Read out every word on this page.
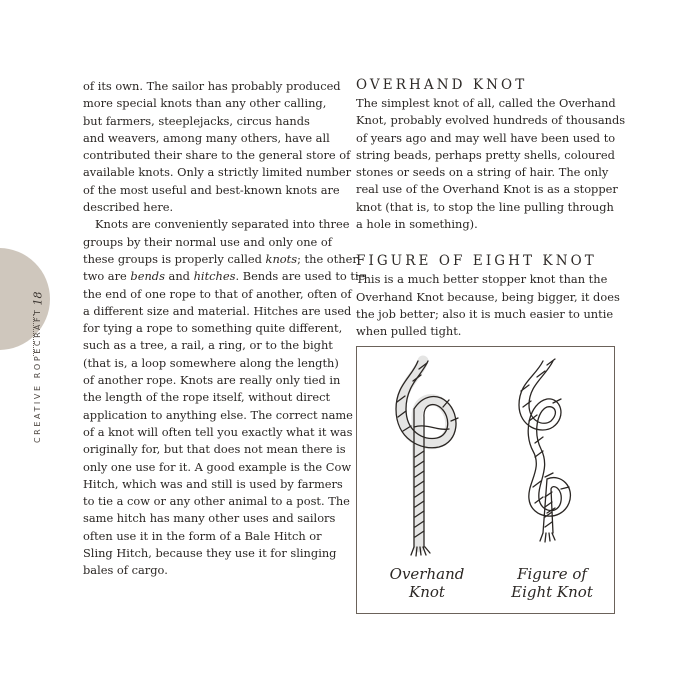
18
CREATIVE ROPECRAFT

of its own. The sailor has probably produced
more special knots than any other calling,
but farmers, steeplejacks, circus hands
and weavers, among many others, have all
contributed their share to the general store of
available knots. Only a strictly limited number
of the most useful and best-known knots are
described here.

Knots are conveniently separated into three
groups by their normal use and only one of
these groups is properly called knots; the other
two are bends and hitches. Bends are used to tie
the end of one rope to that of another, often of
a different size and material. Hitches are used
for tying a rope to something quite different,
such as a tree, a rail, a ring, or to the bight
(that is, a loop somewhere along the length)
of another rope. Knots are really only tied in
the length of the rope itself, without direct
application to anything else. The correct name
of a knot will often tell you exactly what it was
originally for, but that does not mean there is
only one use for it. A good example is the Cow
Hitch, which was and still is used by farmers
to tie a cow or any other animal to a post. The
same hitch has many other uses and sailors
often use it in the form of a Bale Hitch or
Sling Hitch, because they use it for slinging
bales of cargo.

OVERHAND KNOT
The simplest knot of all, called the Overhand
Knot, probably evolved hundreds of thousands
of years ago and may well have been used to
string beads, perhaps pretty shells, coloured
stones or seeds on a string of hair. The only
real use of the Overhand Knot is as a stopper
knot (that is, to stop the line pulling through
a hole in something).
FIGURE OF EIGHT KNOT
This is a much better stopper knot than the
Overhand Knot because, being bigger, it does
the job better; also it is much easier to untie
when pulled tight.
Overhand
Knot
Figure of
Eight Knot
